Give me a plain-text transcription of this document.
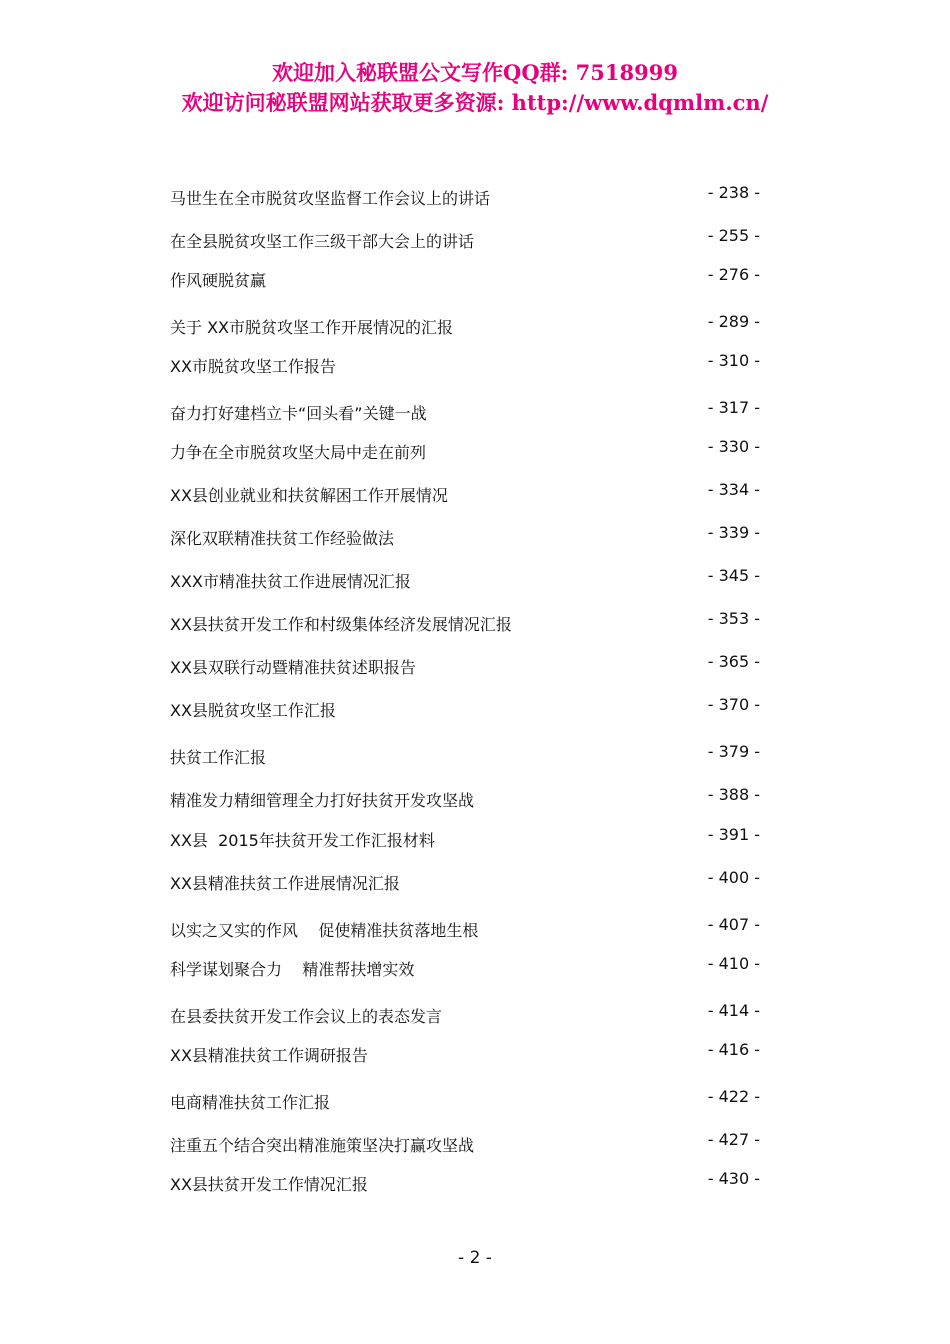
欢迎加入秘联盟公文写作QQ群: 7518999
欢迎访问秘联盟网站获取更多资源: http://www.dqmlm.cn/
马世生在全市脱贫攻坚监督工作会议上的讲话	- 238 -
在全县脱贫攻坚工作三级干部大会上的讲话	- 255 -
作风硬脱贫赢	- 276 -
关于 XX市脱贫攻坚工作开展情况的汇报	- 289 -
XX市脱贫攻坚工作报告	- 310 -
奋力打好建档立卡“回头看”关键一战	- 317 -
力争在全市脱贫攻坚大局中走在前列	- 330 -
XX县创业就业和扶贫解困工作开展情况	- 334 -
深化双联精准扶贫工作经验做法	- 339 -
XXX市精准扶贫工作进展情况汇报	- 345 -
XX县扶贫开发工作和村级集体经济发展情况汇报	- 353 -
XX县双联行动暨精准扶贫述职报告	- 365 -
XX县脱贫攻坚工作汇报	- 370 -
扶贫工作汇报	- 379 -
精准发力精细管理全力打好扶贫开发攻坚战	- 388 -
XX县  2015年扶贫开发工作汇报材料	- 391 -
XX县精准扶贫工作进展情况汇报	- 400 -
以实之又实的作风    促使精准扶贫落地生根	- 407 -
科学谋划聚合力    精准帮扶增实效	- 410 -
在县委扶贫开发工作会议上的表态发言	- 414 -
XX县精准扶贫工作调研报告	- 416 -
电商精准扶贫工作汇报	- 422 -
注重五个结合突出精准施策坚决打赢攻坚战	- 427 -
XX县扶贫开发工作情况汇报	- 430 -
- 2 -
